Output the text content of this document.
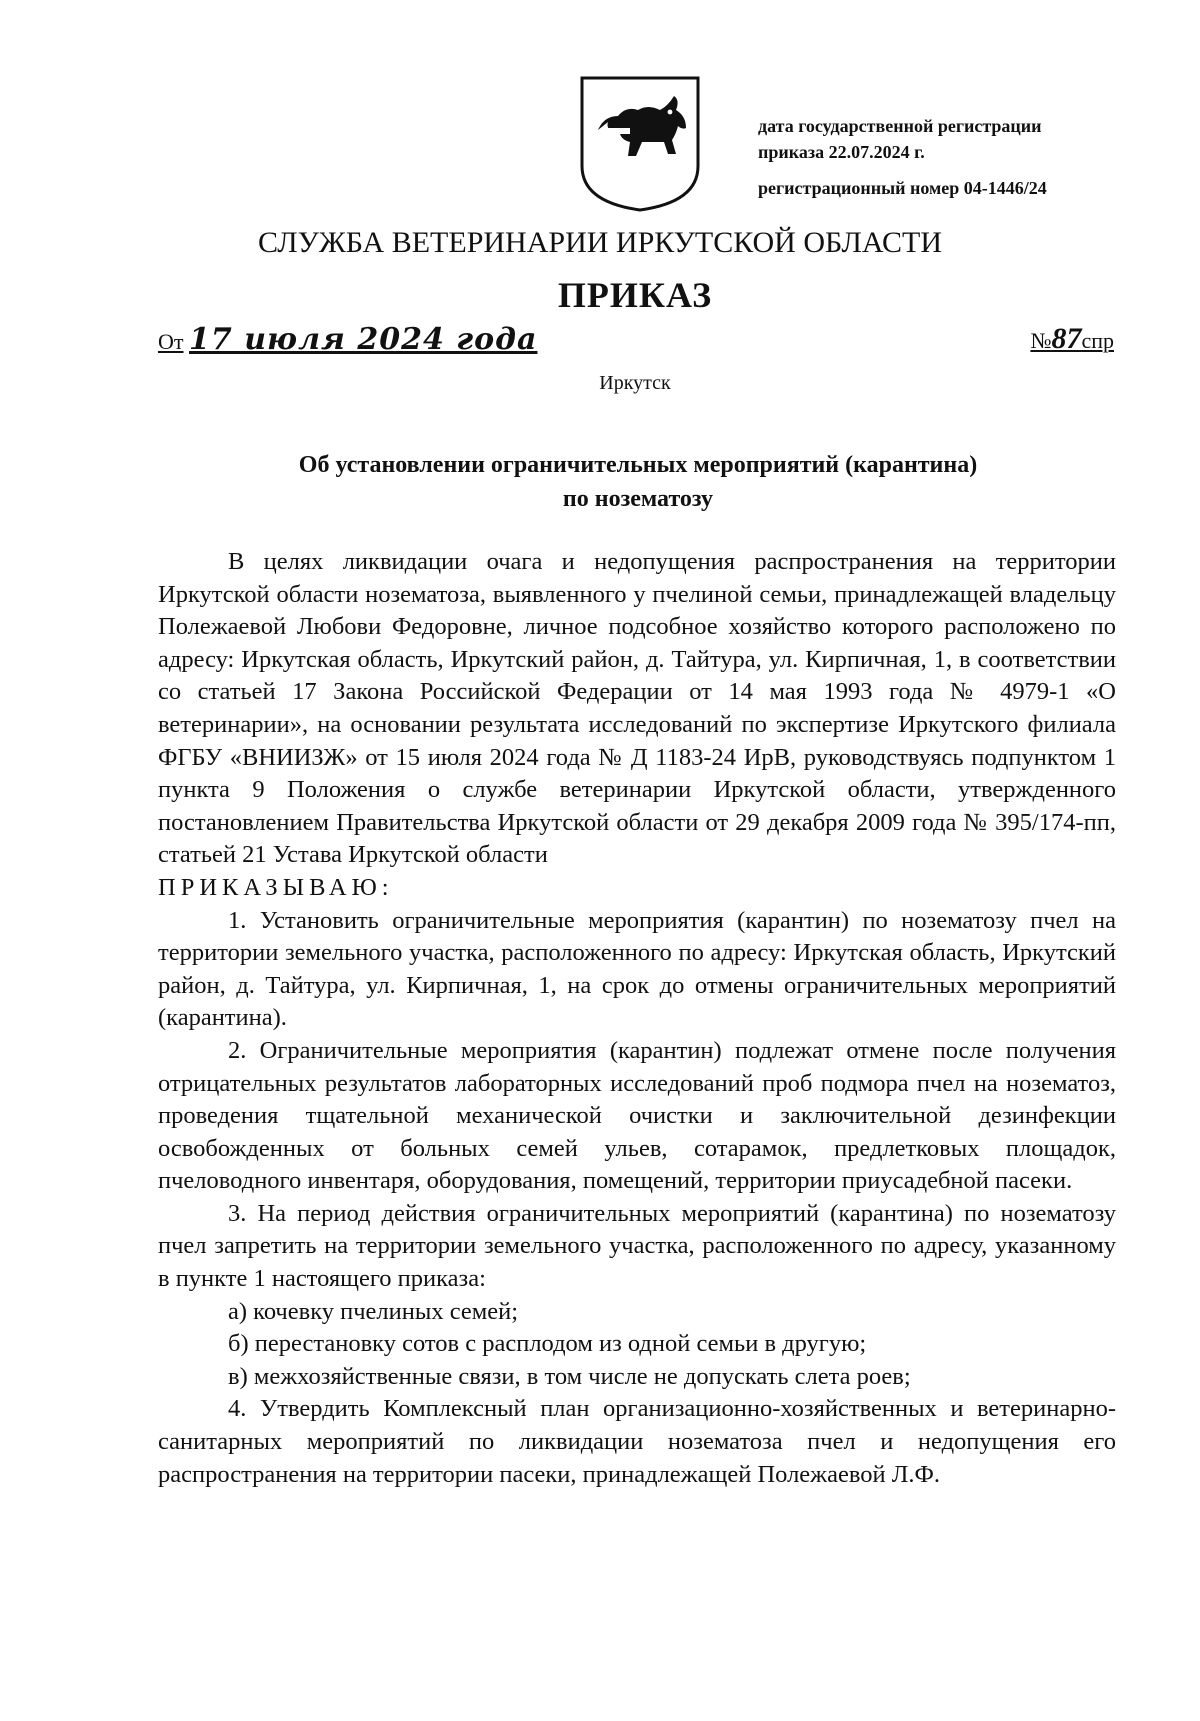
дата государственной регистрации
приказа 22.07.2024 г.
регистрационный номер 04-1446/24
СЛУЖБА ВЕТЕРИНАРИИ ИРКУТСКОЙ ОБЛАСТИ
ПРИКАЗ
От 17 июля 2024 года	№87спр
Иркутск
Об установлении ограничительных мероприятий (карантина)
по нозематозу

В целях ликвидации очага и недопущения распространения на территории Иркутской области нозематоза, выявленного у пчелиной семьи, принадлежащей владельцу Полежаевой Любови Федоровне, личное подсобное хозяйство которого расположено по адресу: Иркутская область, Иркутский район, д. Тайтура, ул. Кирпичная, 1, в соответствии со статьей 17 Закона Российской Федерации от 14 мая 1993 года № 4979-1 «О ветеринарии», на основании результата исследований по экспертизе Иркутского филиала ФГБУ «ВНИИЗЖ» от 15 июля 2024 года № Д 1183-24 ИрВ, руководствуясь подпунктом 1 пункта 9 Положения о службе ветеринарии Иркутской области, утвержденного постановлением Правительства Иркутской области от 29 декабря 2009 года № 395/174-пп, статьей 21 Устава Иркутской области

ПРИКАЗЫВАЮ:

1. Установить ограничительные мероприятия (карантин) по нозематозу пчел на территории земельного участка, расположенного по адресу: Иркутская область, Иркутский район, д. Тайтура, ул. Кирпичная, 1, на срок до отмены ограничительных мероприятий (карантина).

2. Ограничительные мероприятия (карантин) подлежат отмене после получения отрицательных результатов лабораторных исследований проб подмора пчел на нозематоз, проведения тщательной механической очистки и заключительной дезинфекции освобожденных от больных семей ульев, сотарамок, предлетковых площадок, пчеловодного инвентаря, оборудования, помещений, территории приусадебной пасеки.

3. На период действия ограничительных мероприятий (карантина) по нозематозу пчел запретить на территории земельного участка, расположенного по адресу, указанному в пункте 1 настоящего приказа:

а) кочевку пчелиных семей;

б) перестановку сотов с расплодом из одной семьи в другую;

в) межхозяйственные связи, в том числе не допускать слета роев;

4. Утвердить Комплексный план организационно-хозяйственных и ветеринарно-санитарных мероприятий по ликвидации нозематоза пчел и недопущения его распространения на территории пасеки, принадлежащей Полежаевой Л.Ф.
